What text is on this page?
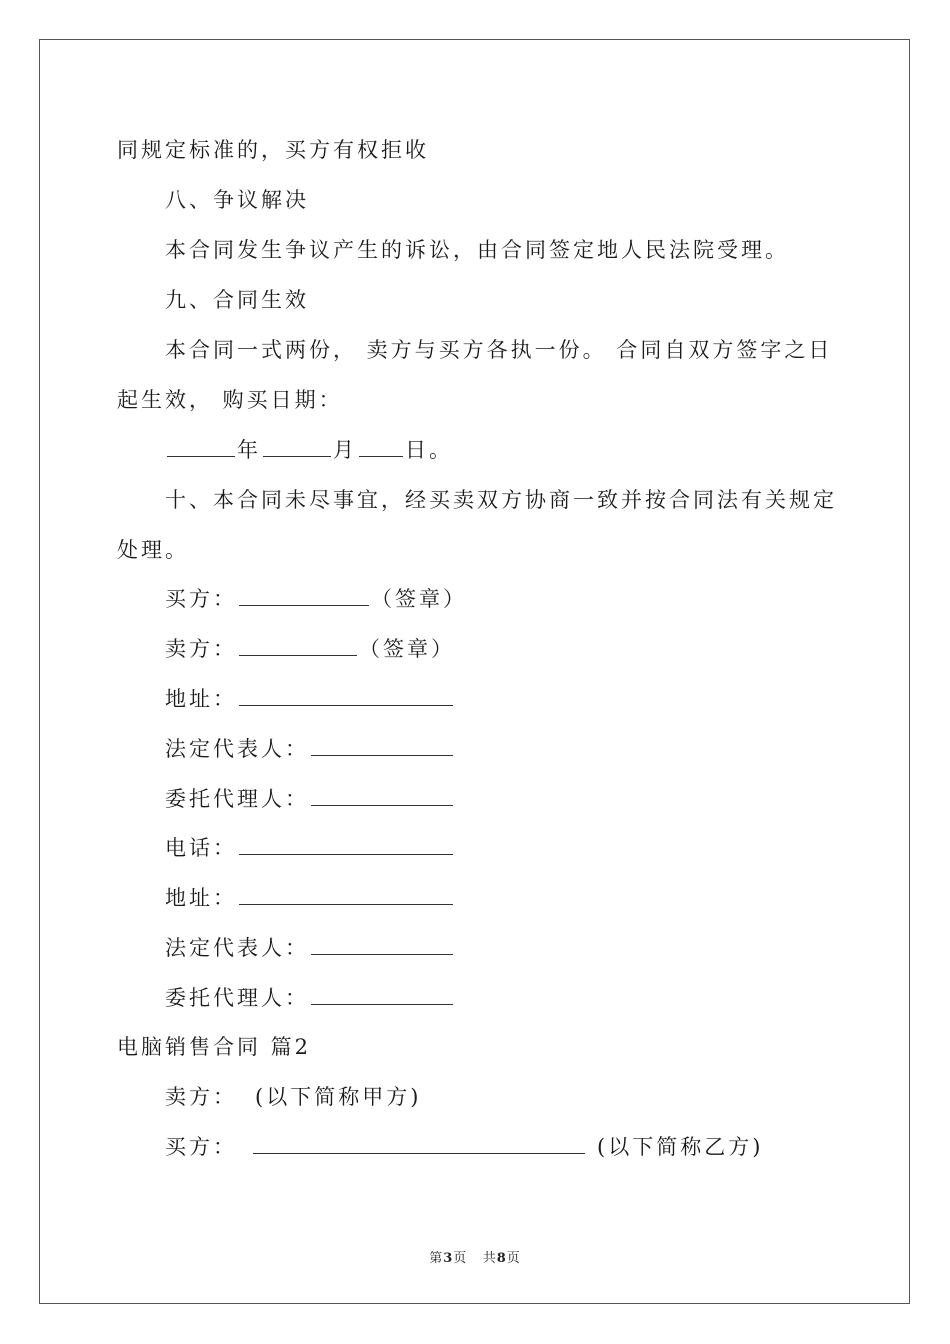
同规定标准的，买方有权拒收
八、争议解决
本合同发生争议产生的诉讼，由合同签定地人民法院受理。
九、合同生效
本合同一式两份， 卖方与买方各执一份。 合同自双方签字之日
起生效， 购买日期：
年	月 日。
十、本合同未尽事宜，经买卖双方协商一致并按合同法有关规定
处理。
买方：	（签章）
卖方：	（签章）
地址：
法定代表人：
委托代理人：
电话：
地址：
法定代表人：
委托代理人：
电脑销售合同 篇2
卖方： (以下简称甲方)
买方：	(以下简称乙方)
第3页 共8页
